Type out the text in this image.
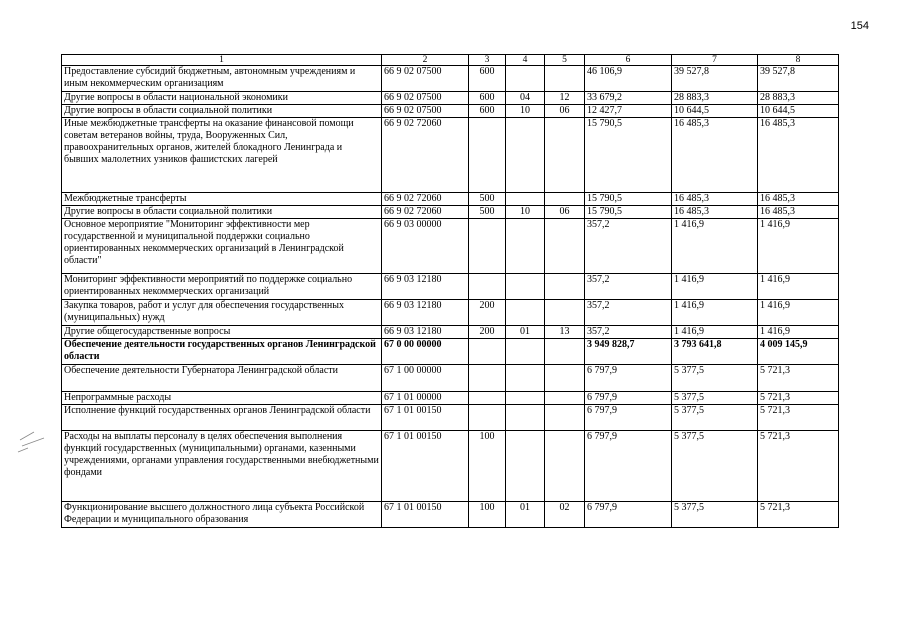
154
1	2	3	4	5	6	7	8
Предоставление субсидий бюджетным, автономным учреждениям и иным некоммерческим организациям	66 9 02 07500	600			46 106,9	39 527,8	39 527,8
Другие вопросы в области национальной экономики	66 9 02 07500	600	04	12	33 679,2	28 883,3	28 883,3
Другие вопросы в области социальной политики	66 9 02 07500	600	10	06	12 427,7	10 644,5	10 644,5
Иные межбюджетные трансферты на оказание финансовой помощи советам ветеранов войны, труда, Вооруженных Сил, правоохранительных органов, жителей блокадного Ленинграда и бывших малолетних узников фашистских лагерей	66 9 02 72060				15 790,5	16 485,3	16 485,3
Межбюджетные трансферты	66 9 02 72060	500			15 790,5	16 485,3	16 485,3
Другие вопросы в области социальной политики	66 9 02 72060	500	10	06	15 790,5	16 485,3	16 485,3
Основное мероприятие "Мониторинг эффективности мер государственной и муниципальной поддержки социально ориентированных некоммерческих организаций в Ленинградской области"	66 9 03 00000				357,2	1 416,9	1 416,9
Мониторинг эффективности мероприятий по поддержке социально ориентированных некоммерческих организаций	66 9 03 12180				357,2	1 416,9	1 416,9
Закупка товаров, работ и услуг для обеспечения государственных (муниципальных) нужд	66 9 03 12180	200			357,2	1 416,9	1 416,9
Другие общегосударственные вопросы	66 9 03 12180	200	01	13	357,2	1 416,9	1 416,9
Обеспечение деятельности государственных органов Ленинградской области	67 0 00 00000				3 949 828,7	3 793 641,8	4 009 145,9
Обеспечение деятельности Губернатора Ленинградской области	67 1 00 00000				6 797,9	5 377,5	5 721,3
Непрограммные расходы	67 1 01 00000				6 797,9	5 377,5	5 721,3
Исполнение функций государственных органов Ленинградской области	67 1 01 00150				6 797,9	5 377,5	5 721,3
Расходы на выплаты персоналу в целях обеспечения выполнения функций государственных (муниципальными) органами, казенными учреждениями, органами управления государственными внебюджетными фондами	67 1 01 00150	100			6 797,9	5 377,5	5 721,3
Функционирование высшего должностного лица субъекта Российской Федерации и муниципального образования	67 1 01 00150	100	01	02	6 797,9	5 377,5	5 721,3
